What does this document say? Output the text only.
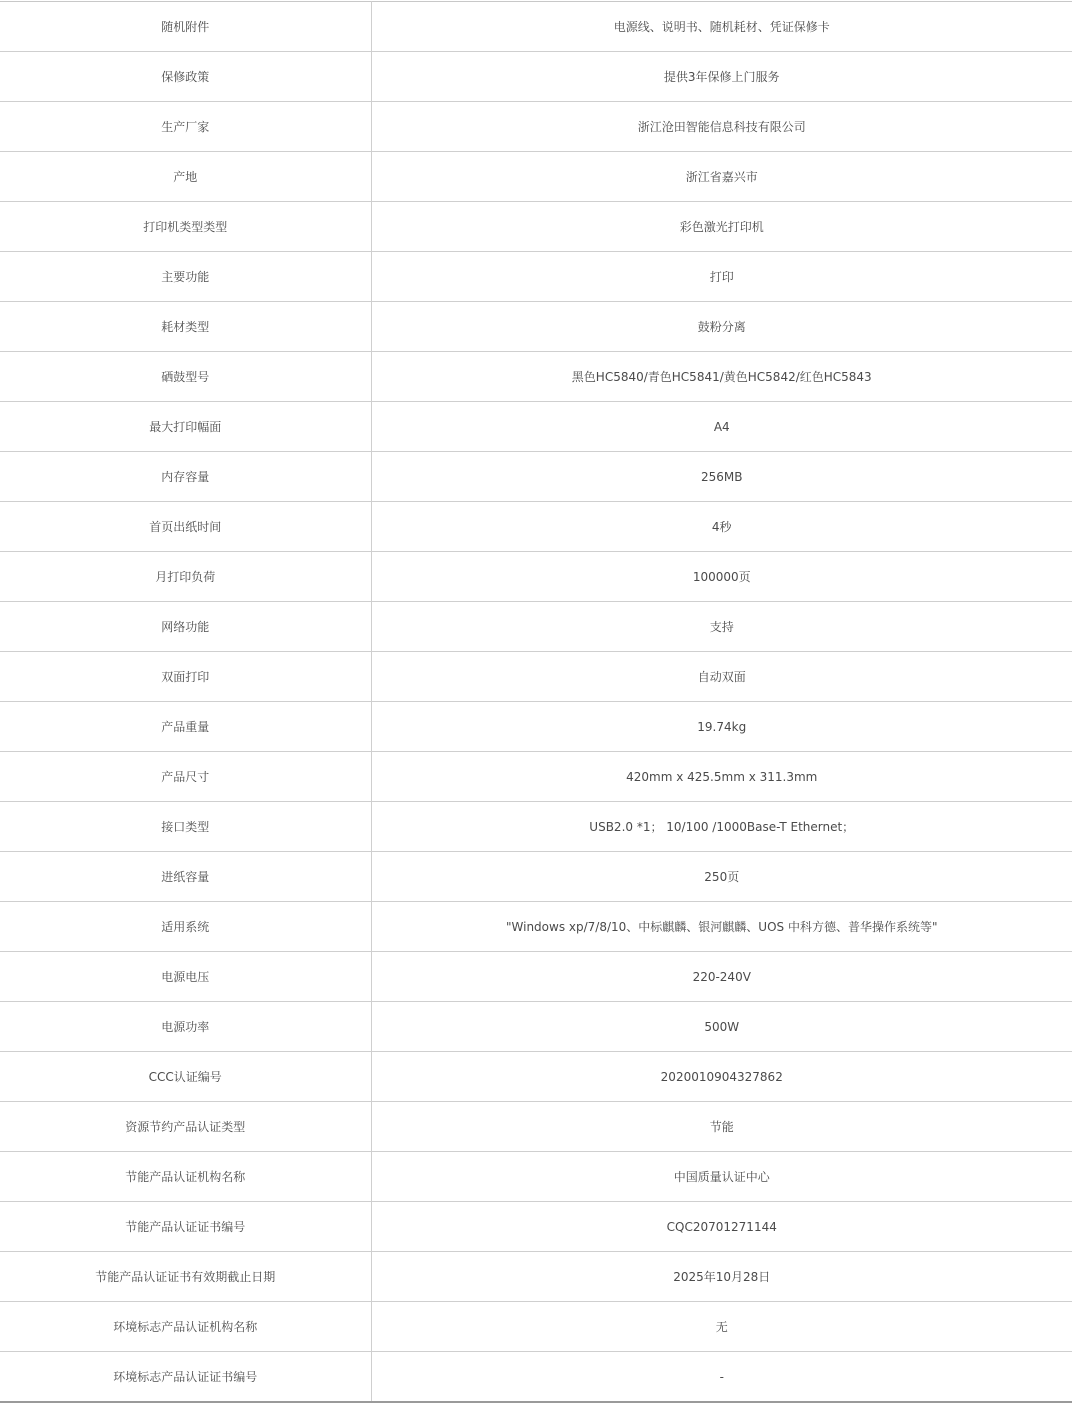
随机附件	电源线、说明书、随机耗材、凭证保修卡
保修政策	提供3年保修上门服务
生产厂家	浙江沧田智能信息科技有限公司
产地	浙江省嘉兴市
打印机类型类型	彩色激光打印机
主要功能	打印
耗材类型	鼓粉分离
硒鼓型号	黑色HC5840/青色HC5841/黄色HC5842/红色HC5843
最大打印幅面	A4
内存容量	256MB
首页出纸时间	4秒
月打印负荷	100000页
网络功能	支持
双面打印	自动双面
产品重量	19.74kg
产品尺寸	420mm x 425.5mm x 311.3mm
接口类型	USB2.0 *1； 10/100 /1000Base-T Ethernet；
进纸容量	250页
适用系统	"Windows xp/7/8/10、中标麒麟、银河麒麟、UOS 中科方德、普华操作系统等"
电源电压	220-240V
电源功率	500W
CCC认证编号	2020010904327862
资源节约产品认证类型	节能
节能产品认证机构名称	中国质量认证中心
节能产品认证证书编号	CQC20701271144
节能产品认证证书有效期截止日期	2025年10月28日
环境标志产品认证机构名称	无
环境标志产品认证证书编号	-
